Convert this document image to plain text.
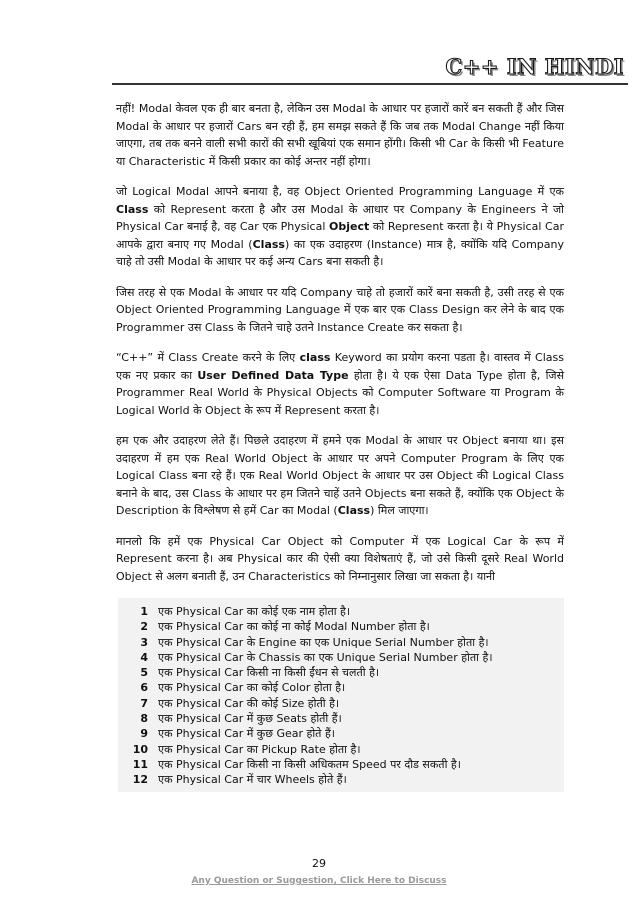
C++ IN HINDI

नहीं! Modal केवल एक ही बार बनता है, लेकिन उस Modal के आधार पर हजारों कारें बन सकती हैं और जिस Modal के आधार पर हजारों Cars बन रही हैं, हम समझ सकते हैं कि जब तक Modal Change नहीं किया जाएगा, तब तक बनने वाली सभी कारों की सभी खूबियां एक समान होंगी। किसी भी Car के किसी भी Feature या Characteristic में किसी प्रकार का कोई अन्तर नहीं होगा।

जो Logical Modal आपने बनाया है, वह Object Oriented Programming Language में एक Class को Represent करता है और उस Modal के आधार पर Company के Engineers ने जो Physical Car बनाई है, वह Car एक Physical Object को Represent करता है। ये Physical Car आपके द्वारा बनाए गए Modal (Class) का एक उदाहरण (Instance) मात्र है, क्योंकि यदि Company चाहे तो उसी Modal के आधार पर कई अन्य Cars बना सकती है।

जिस तरह से एक Modal के आधार पर यदि Company चाहे तो हजारों कारें बना सकती है, उसी तरह से एक Object Oriented Programming Language में एक बार एक Class Design कर लेने के बाद एक Programmer उस Class के जितने चाहे उतने Instance Create कर सकता है।

“C++” में Class Create करने के लिए class Keyword का प्रयोग करना पडता है। वास्तव में Class एक नए प्रकार का User Defined Data Type होता है। ये एक ऐसा Data Type होता है, जिसे Programmer Real World के Physical Objects को Computer Software या Program के Logical World के Object के रूप में Represent करता है।

हम एक और उदाहरण लेते हैं। पिछले उदाहरण में हमने एक Modal के आधार पर Object बनाया था। इस उदाहरण में हम एक Real World Object के आधार पर अपने Computer Program के लिए एक Logical Class बना रहे हैं। एक Real World Object के आधार पर उस Object की Logical Class बनाने के बाद, उस Class के आधार पर हम जितने चाहें उतने Objects बना सकते हैं, क्योंकि एक Object के Description के विश्लेषण से हमें Car का Modal (Class) मिल जाएगा।

मानलो कि हमें एक Physical Car Object को Computer में एक Logical Car के रूप में Represent करना है। अब Physical कार की ऐसी क्या विशेषताएं हैं, जो उसे किसी दूसरे Real World Object से अलग बनाती हैं, उन Characteristics को निम्नानुसार लिखा जा सकता है। यानी

1 एक Physical Car का कोई एक नाम होता है।
2 एक Physical Car का कोई ना कोई Modal Number होता है।
3 एक Physical Car के Engine का एक Unique Serial Number होता है।
4 एक Physical Car के Chassis का एक Unique Serial Number होता है।
5 एक Physical Car किसी ना किसी ईंधन से चलती है।
6 एक Physical Car का कोई Color होता है।
7 एक Physical Car की कोई Size होती है।
8 एक Physical Car में कुछ Seats होती हैं।
9 एक Physical Car में कुछ Gear होते हैं।
10 एक Physical Car का Pickup Rate होता है।
11 एक Physical Car किसी ना किसी अधिकतम Speed पर दौड सकती है।
12 एक Physical Car में चार Wheels होते हैं।
29
Any Question or Suggestion, Click Here to Discuss
